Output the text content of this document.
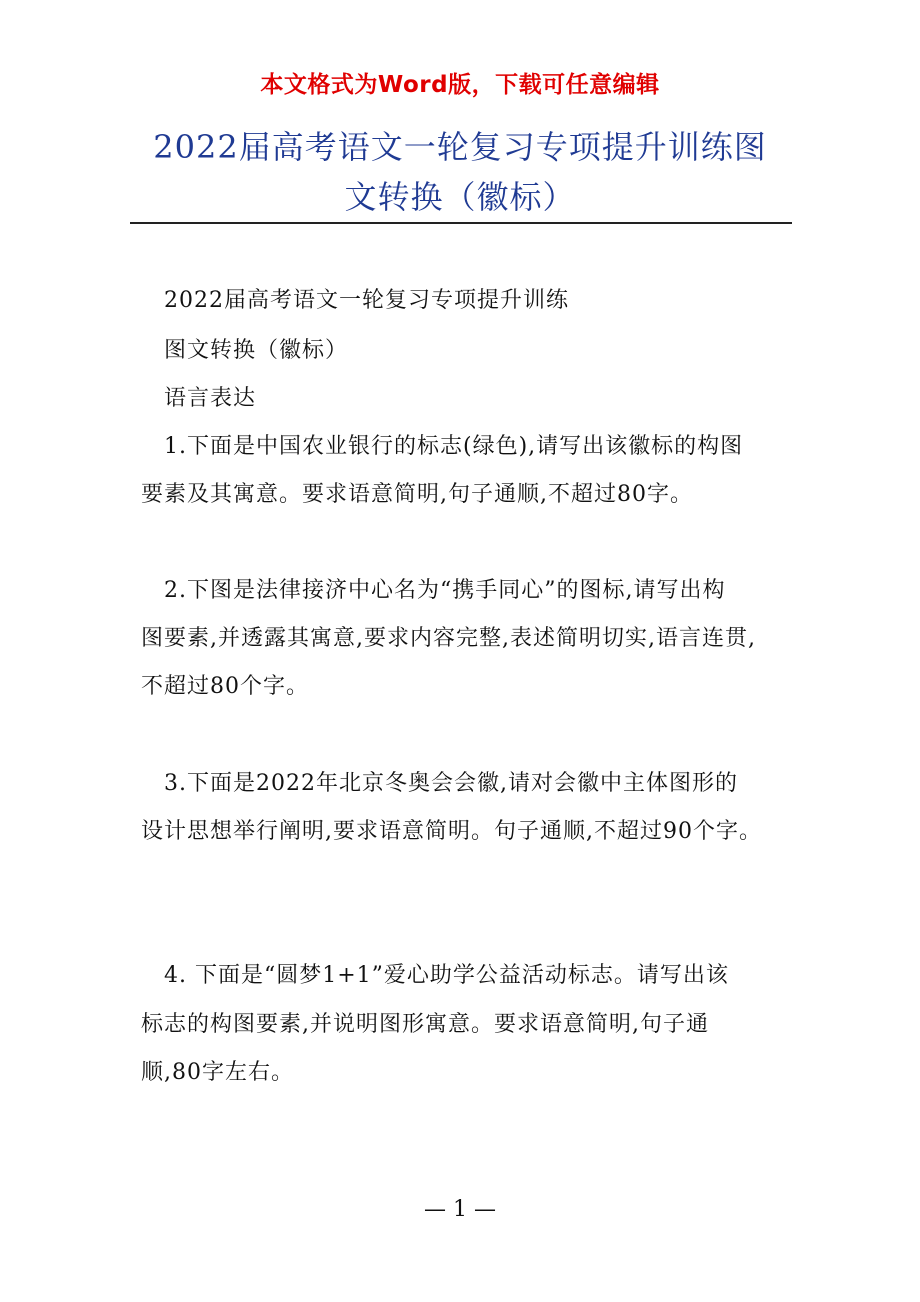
本文格式为Word版，下载可任意编辑
2022届高考语文一轮复习专项提升训练图
文转换（徽标）
2022届高考语文一轮复习专项提升训练
图文转换（徽标）
语言表达
1.下面是中国农业银行的标志(绿色),请写出该徽标的构图
要素及其寓意。要求语意简明,句子通顺,不超过80字。
2.下图是法律接济中心名为“携手同心”的图标,请写出构
图要素,并透露其寓意,要求内容完整,表述简明切实,语言连贯,
不超过80个字。
3.下面是2022年北京冬奥会会徽,请对会徽中主体图形的
设计思想举行阐明,要求语意简明。句子通顺,不超过90个字。
4. 下面是“圆梦1+1”爱心助学公益活动标志。请写出该
标志的构图要素,并说明图形寓意。要求语意简明,句子通
顺,80字左右。
— 1 —
